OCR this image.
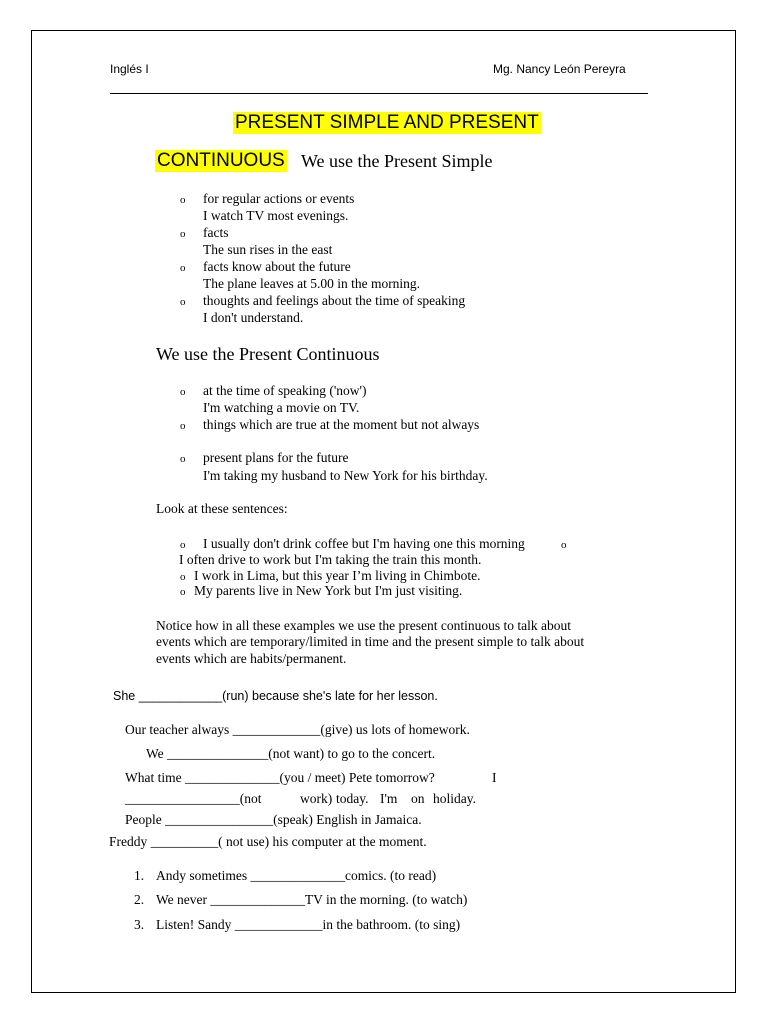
Inglés I	Mg. Nancy León Pereyra
PRESENT SIMPLE AND PRESENT
CONTINUOUS We use the Present Simple
o for regular actions or events
I watch TV most evenings.
o facts
The sun rises in the east
o facts know about the future
The plane leaves at 5.00 in the morning.
o thoughts and feelings about the time of speaking
I don't understand.
We use the Present Continuous
o at the time of speaking ('now')
I'm watching a movie on TV.
o things which are true at the moment but not always
o present plans for the future
I'm taking my husband to New York for his birthday.
Look at these sentences:
o I usually don't drink coffee but I'm having one this morning	o
I often drive to work but I'm taking the train this month.
o I work in Lima, but this year I’m living in Chimbote.
o My parents live in New York but I'm just visiting.
Notice how in all these examples we use the present continuous to talk about
events which are temporary/limited in time and the present simple to talk about
events which are habits/permanent.
She ____________(run) because she's late for her lesson.
Our teacher always _____________(give) us lots of homework.
We _______________(not want) to go to the concert.
What time ______________(you / meet) Pete tomorrow?	I
_________________(not	work) today. I'm on holiday.
People ________________(speak) English in Jamaica.
Freddy __________( not use) his computer at the moment.
1. Andy sometimes ______________comics. (to read)
2. We never ______________TV in the morning. (to watch)
3. Listen! Sandy _____________in the bathroom. (to sing)
